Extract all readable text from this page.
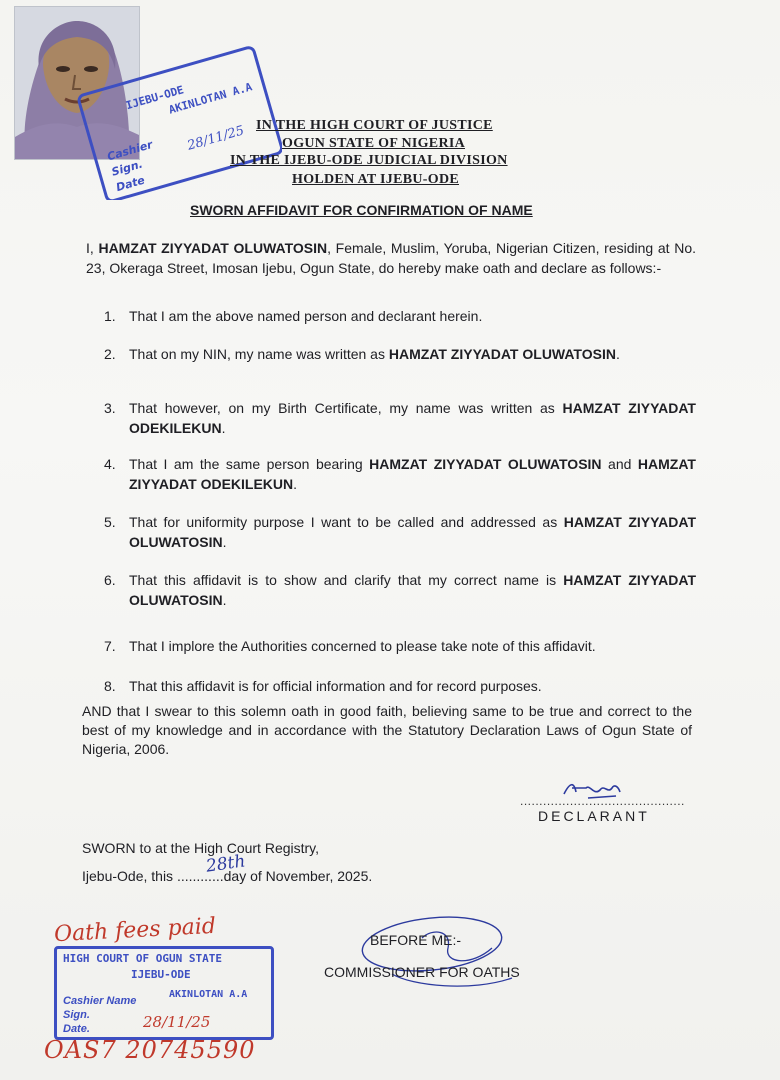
IJEBU-ODE
AKINLOTAN A.A
Cashier
Sign.
Date
28/11/25 IN THE HIGH COURT OF JUSTICE
OGUN STATE OF NIGERIA
IN THE IJEBU-ODE JUDICIAL DIVISION
HOLDEN AT IJEBU-ODE
SWORN AFFIDAVIT FOR CONFIRMATION OF NAME
I, HAMZAT ZIYYADAT OLUWATOSIN, Female, Muslim, Yoruba, Nigerian Citizen, residing at No. 23, Okeraga Street, Imosan Ijebu, Ogun State, do hereby make oath and declare as follows:-
1. That I am the above named person and declarant herein.
2. That on my NIN, my name was written as HAMZAT ZIYYADAT OLUWATOSIN.
3. That however, on my Birth Certificate, my name was written as HAMZAT ZIYYADAT ODEKILEKUN.
4. That I am the same person bearing HAMZAT ZIYYADAT OLUWATOSIN and HAMZAT ZIYYADAT ODEKILEKUN.
5. That for uniformity purpose I want to be called and addressed as HAMZAT ZIYYADAT OLUWATOSIN.
6. That this affidavit is to show and clarify that my correct name is HAMZAT ZIYYADAT OLUWATOSIN.
7. That I implore the Authorities concerned to please take note of this affidavit.
8. That this affidavit is for official information and for record purposes.
AND that I swear to this solemn oath in good faith, believing same to be true and correct to the best of my knowledge and in accordance with the Statutory Declaration Laws of Ogun State of Nigeria, 2006.
...........................................
DECLARANT
SWORN to at the High Court Registry,
28th
Ijebu-Ode, this ............day of November, 2025.
BEFORE ME:-
COMMISSIONER FOR OATHS
Oath fees paid
HIGH COURT OF OGUN STATE
IJEBU-ODE
Cashier Name
AKINLOTAN A.A
Sign.
Date.	28/11/25
OAS7 20745590
